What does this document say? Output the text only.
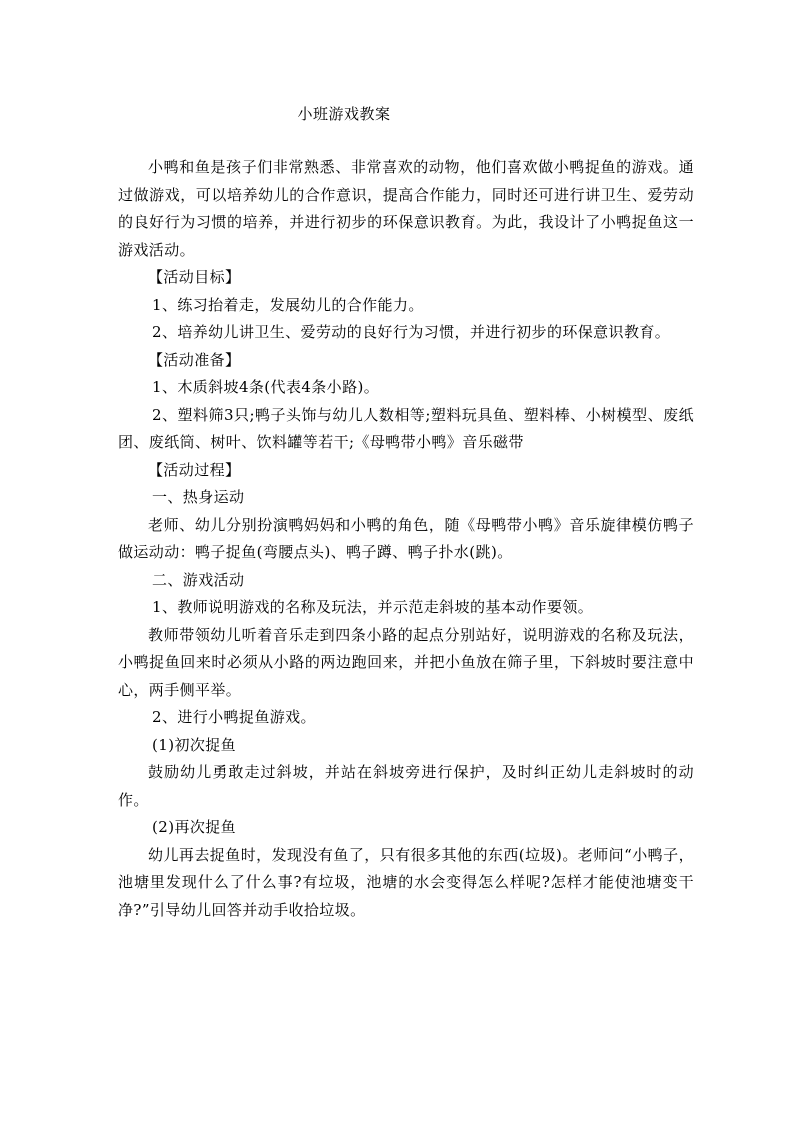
小班游戏教案

小鸭和鱼是孩子们非常熟悉、非常喜欢的动物，他们喜欢做小鸭捉鱼的游戏。通过做游戏，可以培养幼儿的合作意识，提高合作能力，同时还可进行讲卫生、爱劳动的良好行为习惯的培养，并进行初步的环保意识教育。为此，我设计了小鸭捉鱼这一游戏活动。

【活动目标】

1、练习抬着走，发展幼儿的合作能力。

2、培养幼儿讲卫生、爱劳动的良好行为习惯，并进行初步的环保意识教育。

【活动准备】

1、木质斜坡4条(代表4条小路)。

2、塑料筛3只;鸭子头饰与幼儿人数相等;塑料玩具鱼、塑料棒、小树模型、废纸团、废纸筒、树叶、饮料罐等若干;《母鸭带小鸭》音乐磁带

【活动过程】

一、热身运动

老师、幼儿分别扮演鸭妈妈和小鸭的角色，随《母鸭带小鸭》音乐旋律模仿鸭子做运动动：鸭子捉鱼(弯腰点头)、鸭子蹲、鸭子扑水(跳)。

二、游戏活动

1、教师说明游戏的名称及玩法，并示范走斜坡的基本动作要领。

教师带领幼儿听着音乐走到四条小路的起点分别站好，说明游戏的名称及玩法，小鸭捉鱼回来时必须从小路的两边跑回来，并把小鱼放在筛子里，下斜坡时要注意中心，两手侧平举。

2、进行小鸭捉鱼游戏。

(1)初次捉鱼

鼓励幼儿勇敢走过斜坡，并站在斜坡旁进行保护，及时纠正幼儿走斜坡时的动作。

(2)再次捉鱼

幼儿再去捉鱼时，发现没有鱼了，只有很多其他的东西(垃圾)。老师问“小鸭子，池塘里发现什么了什么事?有垃圾，池塘的水会变得怎么样呢?怎样才能使池塘变干净?”引导幼儿回答并动手收拾垃圾。
